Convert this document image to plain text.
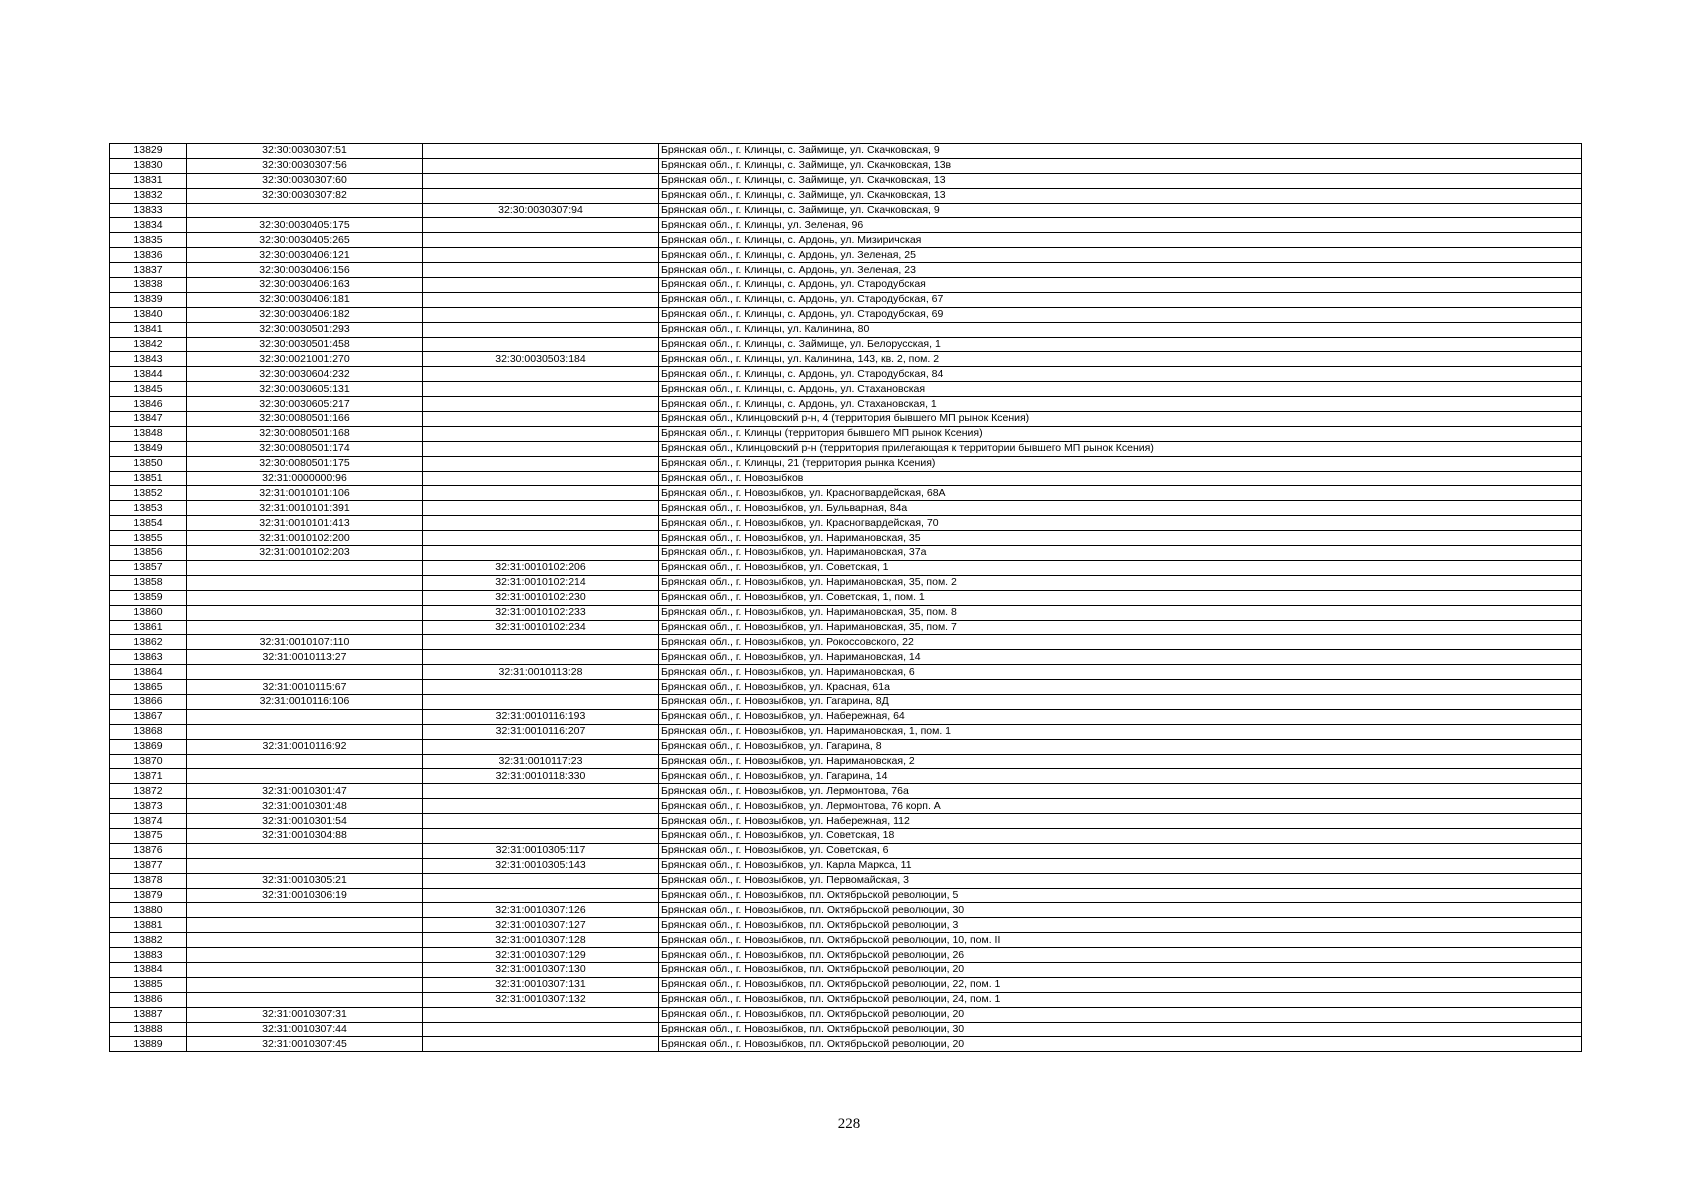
13829	32:30:0030307:51		Брянская обл., г. Клинцы, с. Займище, ул. Скачковская, 9
13830	32:30:0030307:56		Брянская обл., г. Клинцы, с. Займище, ул. Скачковская, 13в
13831	32:30:0030307:60		Брянская обл., г. Клинцы, с. Займище, ул. Скачковская, 13
13832	32:30:0030307:82		Брянская обл., г. Клинцы, с. Займище, ул. Скачковская, 13
13833		32:30:0030307:94	Брянская обл., г. Клинцы, с. Займище, ул. Скачковская, 9
13834	32:30:0030405:175		Брянская обл., г. Клинцы, ул. Зеленая, 96
13835	32:30:0030405:265		Брянская обл., г. Клинцы, с. Ардонь, ул. Мизиричская
13836	32:30:0030406:121		Брянская обл., г. Клинцы, с. Ардонь, ул. Зеленая, 25
13837	32:30:0030406:156		Брянская обл., г. Клинцы, с. Ардонь, ул. Зеленая, 23
13838	32:30:0030406:163		Брянская обл., г. Клинцы, с. Ардонь, ул. Стародубская
13839	32:30:0030406:181		Брянская обл., г. Клинцы, с. Ардонь, ул. Стародубская, 67
13840	32:30:0030406:182		Брянская обл., г. Клинцы, с. Ардонь, ул. Стародубская, 69
13841	32:30:0030501:293		Брянская обл., г. Клинцы, ул. Калинина, 80
13842	32:30:0030501:458		Брянская обл., г. Клинцы, с. Займище, ул. Белорусская, 1
13843	32:30:0021001:270	32:30:0030503:184	Брянская обл., г. Клинцы, ул. Калинина, 143, кв. 2, пом. 2
13844	32:30:0030604:232		Брянская обл., г. Клинцы, с. Ардонь, ул. Стародубская, 84
13845	32:30:0030605:131		Брянская обл., г. Клинцы, с. Ардонь, ул. Стахановская
13846	32:30:0030605:217		Брянская обл., г. Клинцы, с. Ардонь, ул. Стахановская, 1
13847	32:30:0080501:166		Брянская обл., Клинцовский р-н, 4 (территория бывшего МП рынок Ксения)
13848	32:30:0080501:168		Брянская обл., г. Клинцы (территория бывшего МП рынок Ксения)
13849	32:30:0080501:174		Брянская обл., Клинцовский р-н (территория прилегающая к территории бывшего МП рынок Ксения)
13850	32:30:0080501:175		Брянская обл., г. Клинцы, 21 (территория рынка Ксения)
13851	32:31:0000000:96		Брянская обл., г. Новозыбков
13852	32:31:0010101:106		Брянская обл., г. Новозыбков, ул. Красногвардейская, 68А
13853	32:31:0010101:391		Брянская обл., г. Новозыбков, ул. Бульварная, 84а
13854	32:31:0010101:413		Брянская обл., г. Новозыбков, ул. Красногвардейская, 70
13855	32:31:0010102:200		Брянская обл., г. Новозыбков, ул. Наримановская, 35
13856	32:31:0010102:203		Брянская обл., г. Новозыбков, ул. Наримановская, 37а
13857		32:31:0010102:206	Брянская обл., г. Новозыбков, ул. Советская, 1
13858		32:31:0010102:214	Брянская обл., г. Новозыбков, ул. Наримановская, 35, пом. 2
13859		32:31:0010102:230	Брянская обл., г. Новозыбков, ул. Советская, 1, пом. 1
13860		32:31:0010102:233	Брянская обл., г. Новозыбков, ул. Наримановская, 35, пом. 8
13861		32:31:0010102:234	Брянская обл., г. Новозыбков, ул. Наримановская, 35, пом. 7
13862	32:31:0010107:110		Брянская обл., г. Новозыбков, ул. Рокоссовского, 22
13863	32:31:0010113:27		Брянская обл., г. Новозыбков, ул. Наримановская, 14
13864		32:31:0010113:28	Брянская обл., г. Новозыбков, ул. Наримановская, 6
13865	32:31:0010115:67		Брянская обл., г. Новозыбков, ул. Красная, 61а
13866	32:31:0010116:106		Брянская обл., г. Новозыбков, ул. Гагарина, 8Д
13867		32:31:0010116:193	Брянская обл., г. Новозыбков, ул. Набережная, 64
13868		32:31:0010116:207	Брянская обл., г. Новозыбков, ул. Наримановская, 1, пом. 1
13869	32:31:0010116:92		Брянская обл., г. Новозыбков, ул. Гагарина, 8
13870		32:31:0010117:23	Брянская обл., г. Новозыбков, ул. Наримановская, 2
13871		32:31:0010118:330	Брянская обл., г. Новозыбков, ул. Гагарина, 14
13872	32:31:0010301:47		Брянская обл., г. Новозыбков, ул. Лермонтова, 76а
13873	32:31:0010301:48		Брянская обл., г. Новозыбков, ул. Лермонтова, 76 корп. А
13874	32:31:0010301:54		Брянская обл., г. Новозыбков, ул. Набережная, 112
13875	32:31:0010304:88		Брянская обл., г. Новозыбков, ул. Советская, 18
13876		32:31:0010305:117	Брянская обл., г. Новозыбков, ул. Советская, 6
13877		32:31:0010305:143	Брянская обл., г. Новозыбков, ул. Карла Маркса, 11
13878	32:31:0010305:21		Брянская обл., г. Новозыбков, ул. Первомайская, 3
13879	32:31:0010306:19		Брянская обл., г. Новозыбков, пл. Октябрьской революции, 5
13880		32:31:0010307:126	Брянская обл., г. Новозыбков, пл. Октябрьской революции, 30
13881		32:31:0010307:127	Брянская обл., г. Новозыбков, пл. Октябрьской революции, 3
13882		32:31:0010307:128	Брянская обл., г. Новозыбков, пл. Октябрьской революции, 10, пом. II
13883		32:31:0010307:129	Брянская обл., г. Новозыбков, пл. Октябрьской революции, 26
13884		32:31:0010307:130	Брянская обл., г. Новозыбков, пл. Октябрьской революции, 20
13885		32:31:0010307:131	Брянская обл., г. Новозыбков, пл. Октябрьской революции, 22, пом. 1
13886		32:31:0010307:132	Брянская обл., г. Новозыбков, пл. Октябрьской революции, 24, пом. 1
13887	32:31:0010307:31		Брянская обл., г. Новозыбков, пл. Октябрьской революции, 20
13888	32:31:0010307:44		Брянская обл., г. Новозыбков, пл. Октябрьской революции, 30
13889	32:31:0010307:45		Брянская обл., г. Новозыбков, пл. Октябрьской революции, 20
228
